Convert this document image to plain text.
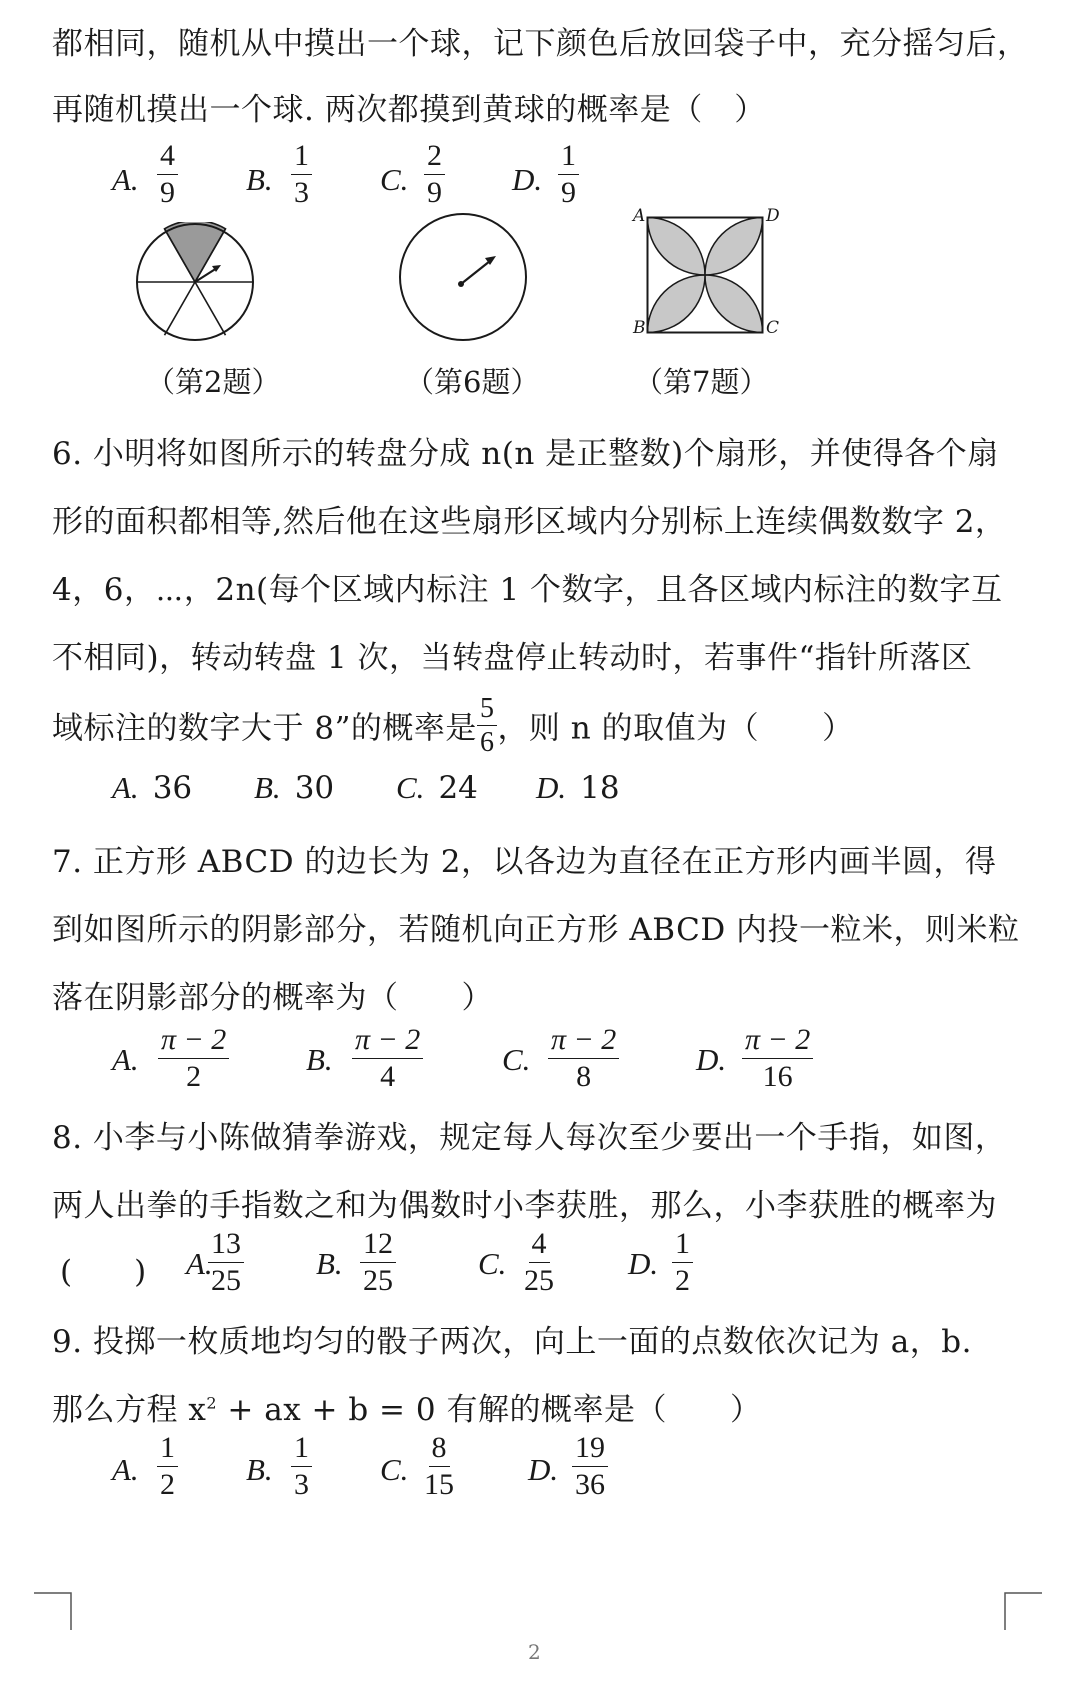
都相同，随机从中摸出一个球，记下颜色后放回袋子中，充分摇匀后，
再随机摸出一个球. 两次都摸到黄球的概率是（　）
A. $\frac{4}{9} B$. $\frac{1}{3} C$. $\frac{2}{9} D$. $\frac{1}{9}$
A	D
B	C
（第2题）	（第6题）	（第7题）
6. 小明将如图所示的转盘分成 n(n 是正整数)个扇形，并使得各个扇
形的面积都相等,然后他在这些扇形区域内分别标上连续偶数数字 2，
4，6，⋯，2n(每个区域内标注 1 个数字，且各区域内标注的数字互
不相同)，转动转盘 1 次，当转盘停止转动时，若事件“指针所落区
域标注的数字大于 8”的概率是 $\frac{5}{6}$ ，则 n 的取值为（　　）
A. 36 B. 30 C. 24 D. 18
7. 正方形 ABCD 的边长为 2，以各边为直径在正方形内画半圆，得
到如图所示的阴影部分，若随机向正方形 ABCD 内投一粒米，则米粒
落在阴影部分的概率为（　　）
A. $\frac{\pi - 2}{2} B$. $\frac{\pi - 2}{4}$	C. $\frac{\pi - 2}{8} D$. $\frac{\pi - 2}{16}$
8. 小李与小陈做猜拳游戏，规定每人每次至少要出一个手指，如图，
两人出拳的手指数之和为偶数时小李获胜，那么，小李获胜的概率为
(　　) A.
$\frac{13}{25} B$. $\frac{12}{25}$	C. $\frac{4}{25} D$. $\frac{1}{2}$
9. 投掷一枚质地均匀的骰子两次，向上一面的点数依次记为 a，b.
那么方程 $x^2$ + ax + b = 0 有解的概率是（　　）
A. $\frac{1}{2} B$. $\frac{1}{3} C$. $\frac{8}{15} D$. $\frac{19}{36}$
2
